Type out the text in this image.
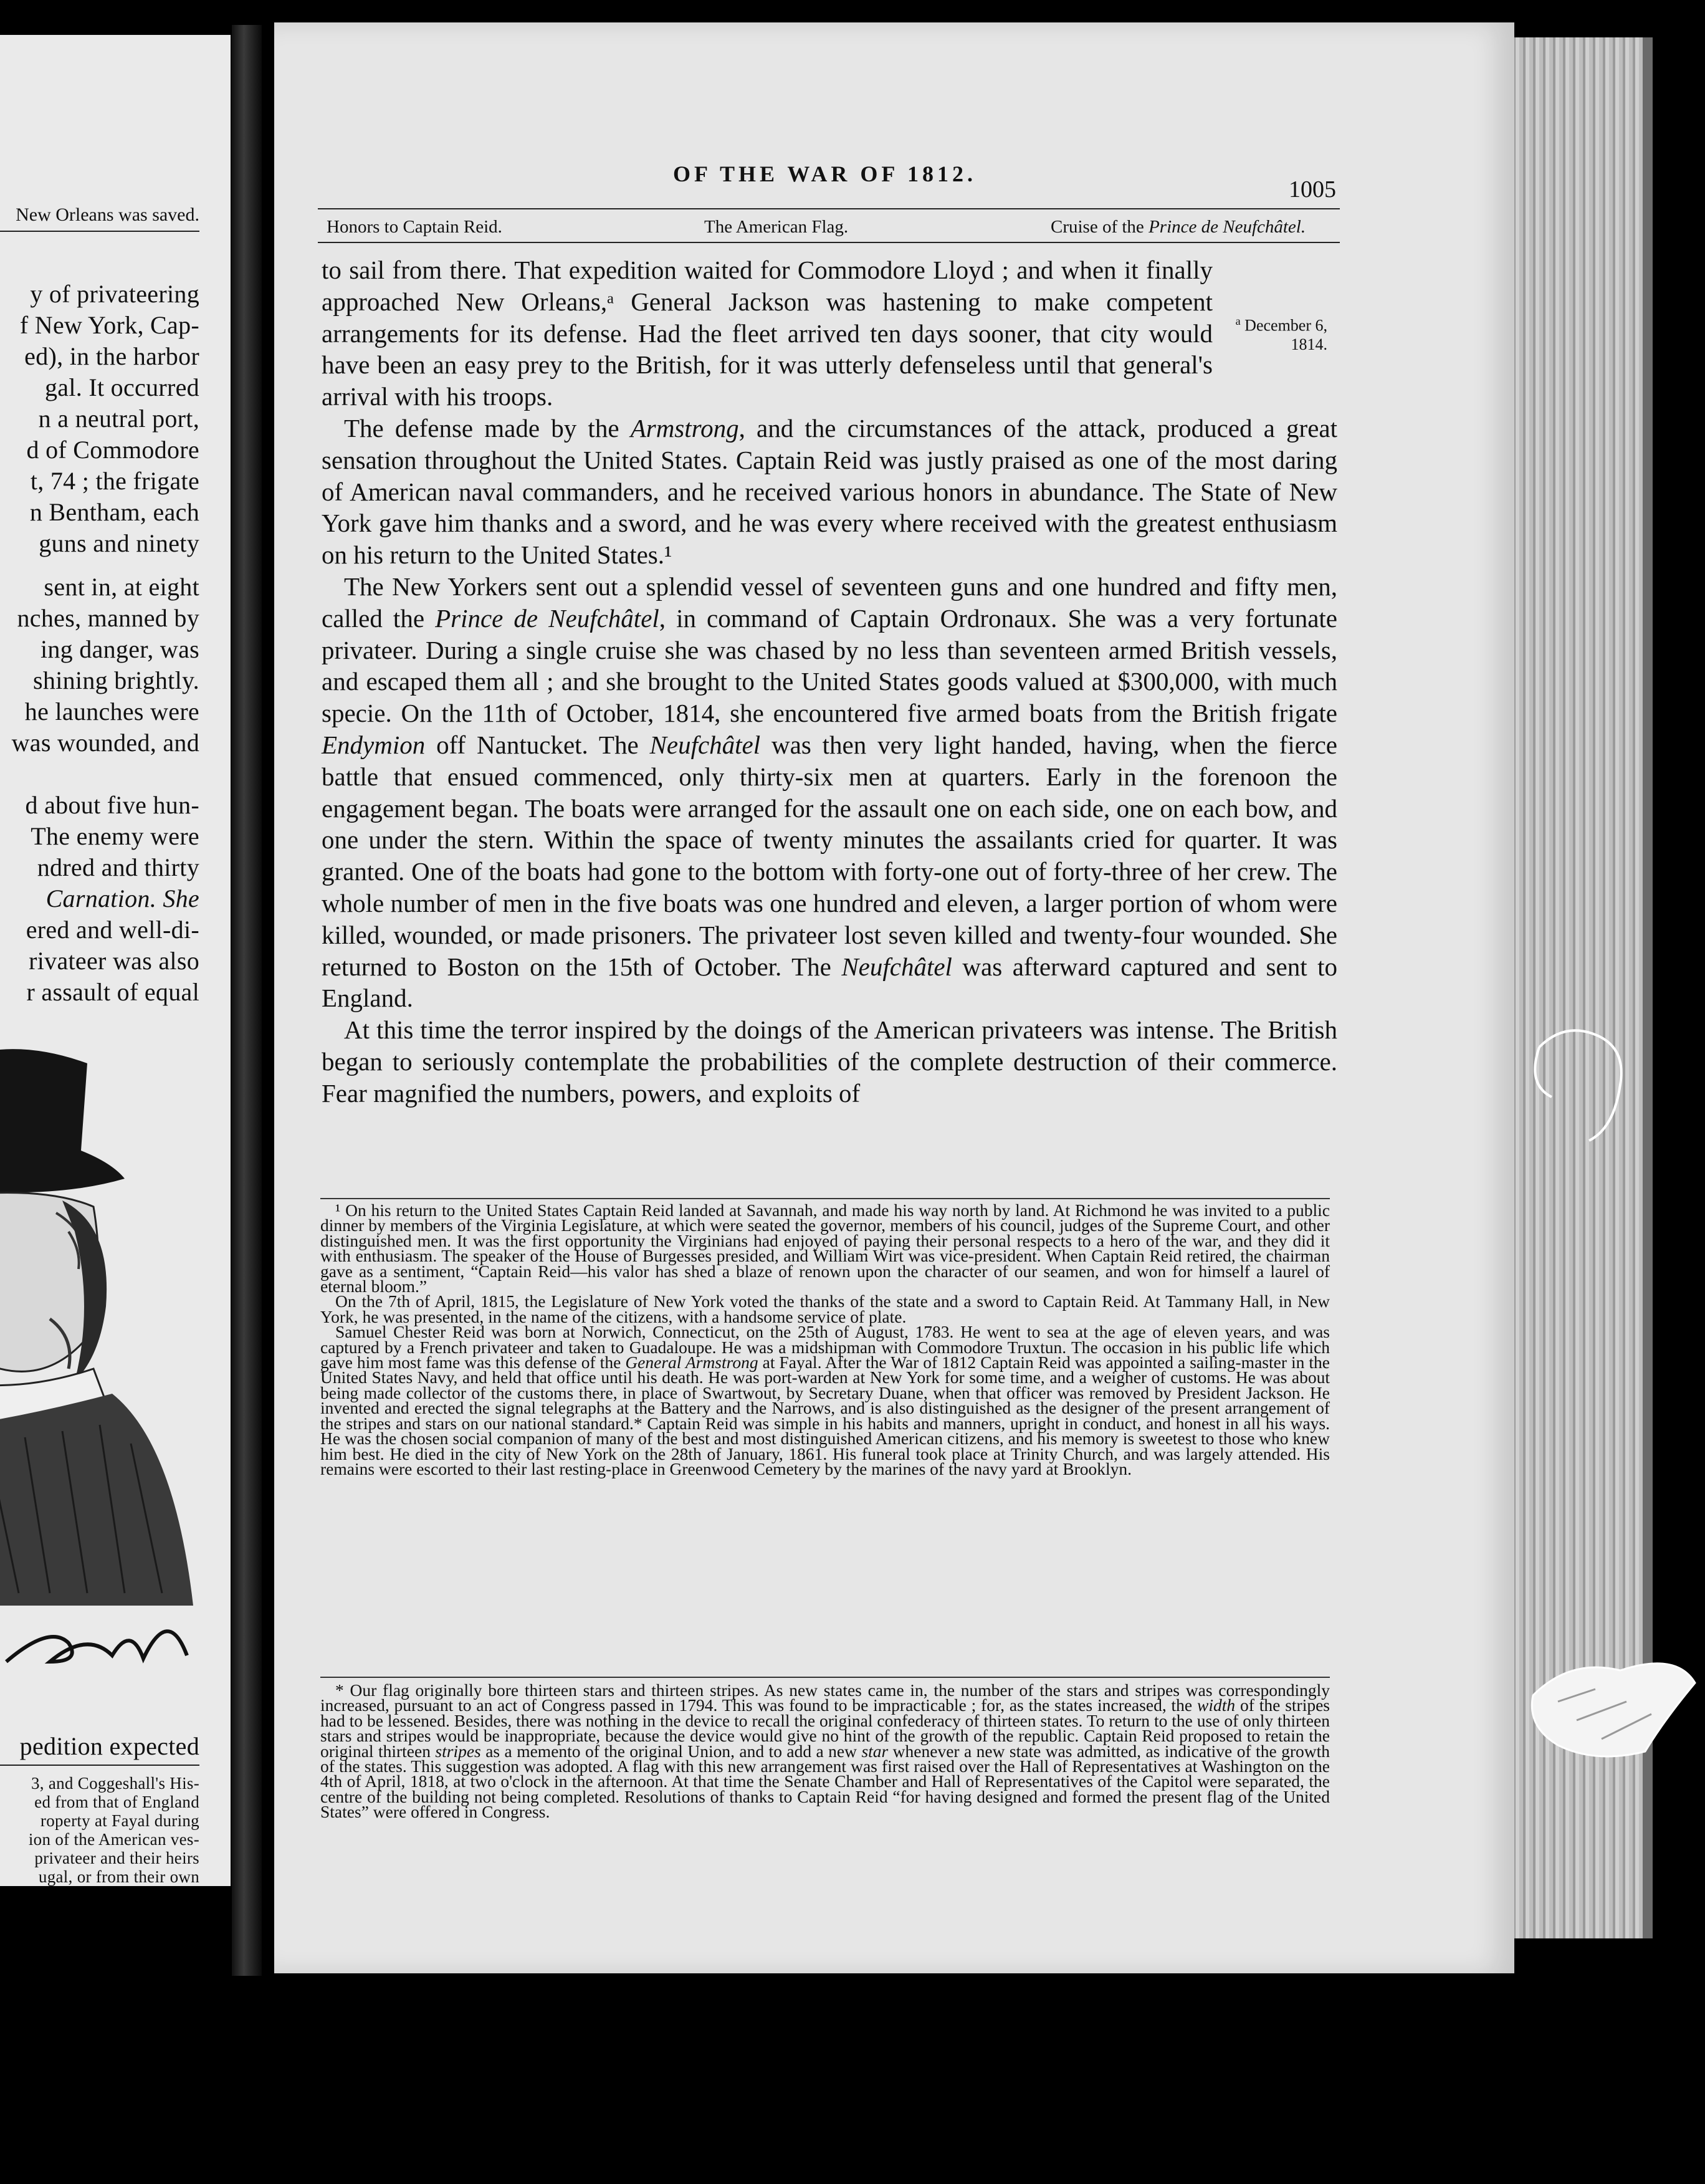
New Orleans was saved.
y of privateering
f New York, Cap-
ed), in the harbor
gal. It occurred
n a neutral port,
d of Commodore
t, 74 ; the frigate
n Bentham, each
guns and ninety
sent in, at eight
nches, manned by
ing danger, was
shining brightly.
he launches were
was wounded, and
d about five hun-
The enemy were
ndred and thirty
Carnation. She
ered and well-di-
rivateer was also
r assault of equal
pedition expected
3, and Coggeshall's His-
ed from that of England
roperty at Fayal during
ion of the American ves-
privateer and their heirs
ugal, or from their own
OF THE WAR OF 1812.
1005
Honors to Captain Reid.	The American Flag.	Cruise of the Prince de Neufchâtel.
$^a$ December 6,
1814.

to sail from there. That expedition waited for Commodore Lloyd ; and when it finally approached New Orleans,ᵃ General Jackson was hastening to make competent arrangements for its defense. Had the fleet arrived ten days sooner, that city would have been an easy prey to the British, for it was utterly defenseless until that general's arrival with his troops.

The defense made by the Armstrong, and the circumstances of the attack, produced a great sensation throughout the United States. Captain Reid was justly praised as one of the most daring of American naval commanders, and he received various honors in abundance. The State of New York gave him thanks and a sword, and he was every where received with the greatest enthusiasm on his return to the United States.¹

The New Yorkers sent out a splendid vessel of seventeen guns and one hundred and fifty men, called the Prince de Neufchâtel, in command of Captain Ordronaux. She was a very fortunate privateer. During a single cruise she was chased by no less than seventeen armed British vessels, and escaped them all ; and she brought to the United States goods valued at $300,000, with much specie. On the 11th of October, 1814, she encountered five armed boats from the British frigate Endymion off Nantucket. The Neufchâtel was then very light handed, having, when the fierce battle that ensued commenced, only thirty-six men at quarters. Early in the forenoon the engagement began. The boats were arranged for the assault one on each side, one on each bow, and one under the stern. Within the space of twenty minutes the assailants cried for quarter. It was granted. One of the boats had gone to the bottom with forty-one out of forty-three of her crew. The whole number of men in the five boats was one hundred and eleven, a larger portion of whom were killed, wounded, or made prisoners. The privateer lost seven killed and twenty-four wounded. She returned to Boston on the 15th of October. The Neufchâtel was afterward captured and sent to England.

At this time the terror inspired by the doings of the American privateers was intense. The British began to seriously contemplate the probabilities of the complete destruction of their commerce. Fear magnified the numbers, powers, and exploits of

¹ On his return to the United States Captain Reid landed at Savannah, and made his way north by land. At Richmond he was invited to a public dinner by members of the Virginia Legislature, at which were seated the governor, members of his council, judges of the Supreme Court, and other distinguished men. It was the first opportunity the Virginians had enjoyed of paying their personal respects to a hero of the war, and they did it with enthusiasm. The speaker of the House of Burgesses presided, and William Wirt was vice-president. When Captain Reid retired, the chairman gave as a sentiment, “Captain Reid—his valor has shed a blaze of renown upon the character of our seamen, and won for himself a laurel of eternal bloom.”

On the 7th of April, 1815, the Legislature of New York voted the thanks of the state and a sword to Captain Reid. At Tammany Hall, in New York, he was presented, in the name of the citizens, with a handsome service of plate.

Samuel Chester Reid was born at Norwich, Connecticut, on the 25th of August, 1783. He went to sea at the age of eleven years, and was captured by a French privateer and taken to Guadaloupe. He was a midshipman with Commodore Truxtun. The occasion in his public life which gave him most fame was this defense of the General Armstrong at Fayal. After the War of 1812 Captain Reid was appointed a sailing-master in the United States Navy, and held that office until his death. He was port-warden at New York for some time, and a weigher of customs. He was about being made collector of the customs there, in place of Swartwout, by Secretary Duane, when that officer was removed by President Jackson. He invented and erected the signal telegraphs at the Battery and the Narrows, and is also distinguished as the designer of the present arrangement of the stripes and stars on our national standard.* Captain Reid was simple in his habits and manners, upright in conduct, and honest in all his ways. He was the chosen social companion of many of the best and most distinguished American citizens, and his memory is sweetest to those who knew him best. He died in the city of New York on the 28th of January, 1861. His funeral took place at Trinity Church, and was largely attended. His remains were escorted to their last resting-place in Greenwood Cemetery by the marines of the navy yard at Brooklyn.

* Our flag originally bore thirteen stars and thirteen stripes. As new states came in, the number of the stars and stripes was correspondingly increased, pursuant to an act of Congress passed in 1794. This was found to be impracticable ; for, as the states increased, the width of the stripes had to be lessened. Besides, there was nothing in the device to recall the original confederacy of thirteen states. To return to the use of only thirteen stars and stripes would be inappropriate, because the device would give no hint of the growth of the republic. Captain Reid proposed to retain the original thirteen stripes as a memento of the original Union, and to add a new star whenever a new state was admitted, as indicative of the growth of the states. This suggestion was adopted. A flag with this new arrangement was first raised over the Hall of Representatives at Washington on the 4th of April, 1818, at two o'clock in the afternoon. At that time the Senate Chamber and Hall of Representatives of the Capitol were separated, the centre of the building not being completed. Resolutions of thanks to Captain Reid “for having designed and formed the present flag of the United States” were offered in Congress.
